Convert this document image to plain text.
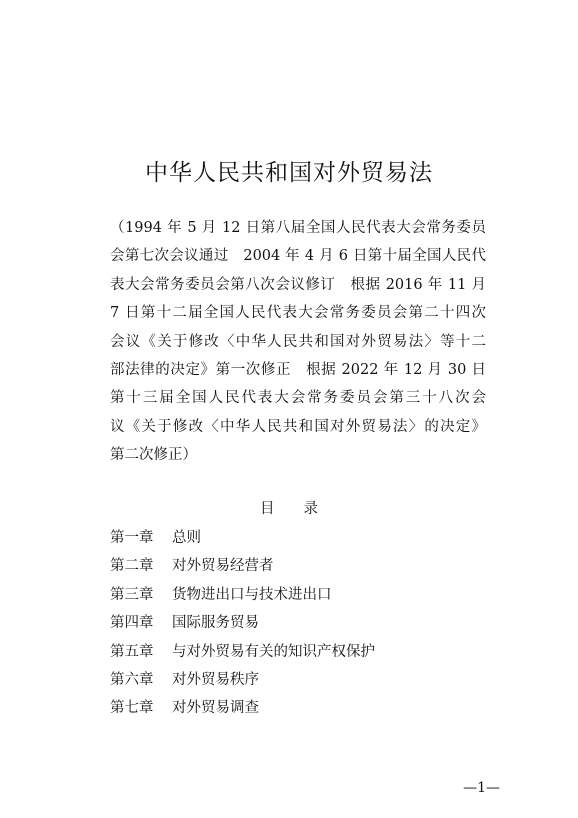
中华人民共和国对外贸易法

（1994 年 5 月 12 日第八届全国人民代表大会常务委员
会第七次会议通过　2004 年 4 月 6 日第十届全国人民代
表大会常务委员会第八次会议修订　根据 2016 年 11 月
7 日第十二届全国人民代表大会常务委员会第二十四次
会议《关于修改〈中华人民共和国对外贸易法〉等十二
部法律的决定》第一次修正　根据 2022 年 12 月 30 日
第十三届全国人民代表大会常务委员会第三十八次会
议《关于修改〈中华人民共和国对外贸易法〉的决定》
第二次修正）

目　　录
第一章	总则
第二章	对外贸易经营者
第三章	货物进出口与技术进出口
第四章	国际服务贸易
第五章	与对外贸易有关的知识产权保护
第六章	对外贸易秩序
第七章	对外贸易调查
—1—
